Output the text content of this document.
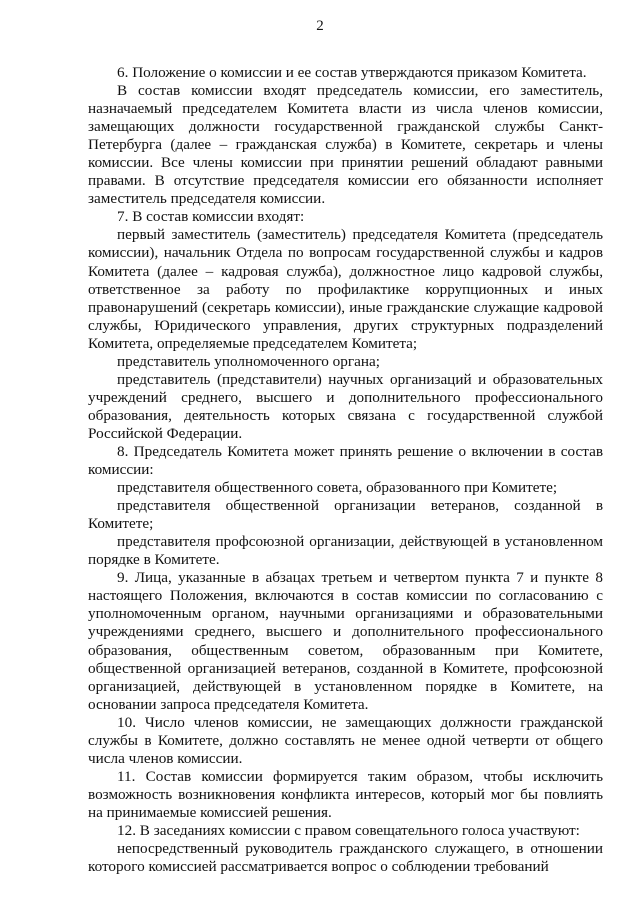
2

6. Положение о комиссии и ее состав утверждаются приказом Комитета.

В состав комиссии входят председатель комиссии, его заместитель, назначаемый председателем Комитета власти из числа членов комиссии, замещающих должности государственной гражданской службы Санкт-Петербурга (далее – гражданская служба) в Комитете, секретарь и члены комиссии. Все члены комиссии при принятии решений обладают равными правами. В отсутствие председателя комиссии его обязанности исполняет заместитель председателя комиссии.

7. В состав комиссии входят:

первый заместитель (заместитель) председателя Комитета (председатель комиссии), начальник Отдела по вопросам государственной службы и кадров Комитета (далее – кадровая служба), должностное лицо кадровой службы, ответственное за работу по профилактике коррупционных и иных правонарушений (секретарь комиссии), иные гражданские служащие кадровой службы, Юридического управления, других структурных подразделений Комитета, определяемые председателем Комитета;

представитель уполномоченного органа;

представитель (представители) научных организаций и образовательных учреждений среднего, высшего и дополнительного профессионального образования, деятельность которых связана с государственной службой Российской Федерации.

8. Председатель Комитета может принять решение о включении в состав комиссии:

представителя общественного совета, образованного при Комитете;

представителя общественной организации ветеранов, созданной в Комитете;

представителя профсоюзной организации, действующей в установленном порядке в Комитете.

9. Лица, указанные в абзацах третьем и четвертом пункта 7 и пункте 8 настоящего Положения, включаются в состав комиссии по согласованию с уполномоченным органом, научными организациями и образовательными учреждениями среднего, высшего и дополнительного профессионального образования, общественным советом, образованным при Комитете, общественной организацией ветеранов, созданной в Комитете, профсоюзной организацией, действующей в установленном порядке в Комитете, на основании запроса председателя Комитета.

10. Число членов комиссии, не замещающих должности гражданской службы в Комитете, должно составлять не менее одной четверти от общего числа членов комиссии.

11. Состав комиссии формируется таким образом, чтобы исключить возможность возникновения конфликта интересов, который мог бы повлиять на принимаемые комиссией решения.

12. В заседаниях комиссии с правом совещательного голоса участвуют:

непосредственный руководитель гражданского служащего, в отношении которого комиссией рассматривается вопрос о соблюдении требований
